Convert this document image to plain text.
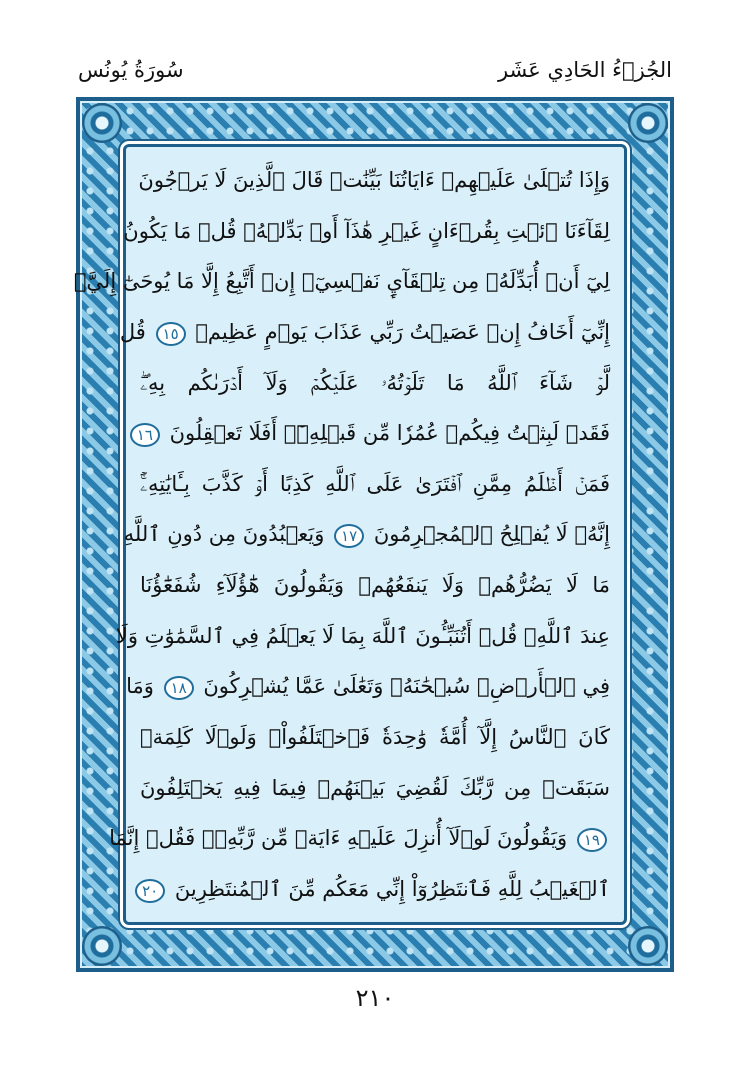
الجُزۡءُ الحَادِي عَشَر
سُورَةُ يُونُس
وَإِذَا تُتۡلَىٰ عَلَيۡهِمۡ ءَايَاتُنَا بَيِّنَٰتٖ قَالَ ٱلَّذِينَ لَا يَرۡجُونَ
لِقَآءَنَا ٱئۡتِ بِقُرۡءَانٍ غَيۡرِ هَٰذَآ أَوۡ بَدِّلۡهُۚ قُلۡ مَا يَكُونُ
لِيٓ أَنۡ أُبَدِّلَهُۥ مِن تِلۡقَآيِٕ نَفۡسِيٓۖ إِنۡ أَتَّبِعُ إِلَّا مَا يُوحَىٰٓ إِلَيَّۖ
إِنِّيٓ أَخَافُ إِنۡ عَصَيۡتُ رَبِّي عَذَابَ يَوۡمٍ عَظِيمٖ ١٥ قُل
لَّوۡ شَآءَ ٱللَّهُ مَا تَلَوۡتُهُۥ عَلَيۡكُمۡ وَلَآ أَدۡرَىٰكُم بِهِۦۖ
فَقَدۡ لَبِثۡتُ فِيكُمۡ عُمُرٗا مِّن قَبۡلِهِۦٓۚ أَفَلَا تَعۡقِلُونَ ١٦
فَمَنۡ أَظۡلَمُ مِمَّنِ ٱفۡتَرَىٰ عَلَى ٱللَّهِ كَذِبًا أَوۡ كَذَّبَ بِـَٔايَٰتِهِۦٓۚ
إِنَّهُۥ لَا يُفۡلِحُ ٱلۡمُجۡرِمُونَ ١٧ وَيَعۡبُدُونَ مِن دُونِ ٱللَّهِ
مَا لَا يَضُرُّهُمۡ وَلَا يَنفَعُهُمۡ وَيَقُولُونَ هَٰٓؤُلَآءِ شُفَعَٰٓؤُنَا
عِندَ ٱللَّهِۚ قُلۡ أَتُنَبِّـُٔونَ ٱللَّهَ بِمَا لَا يَعۡلَمُ فِي ٱلسَّمَٰوَٰتِ وَلَا
فِي ٱلۡأَرۡضِۚ سُبۡحَٰنَهُۥ وَتَعَٰلَىٰ عَمَّا يُشۡرِكُونَ ١٨ وَمَا
كَانَ ٱلنَّاسُ إِلَّآ أُمَّةٗ وَٰحِدَةٗ فَٱخۡتَلَفُواْۚ وَلَوۡلَا كَلِمَةٞ
سَبَقَتۡ مِن رَّبِّكَ لَقُضِيَ بَيۡنَهُمۡ فِيمَا فِيهِ يَخۡتَلِفُونَ
١٩ وَيَقُولُونَ لَوۡلَآ أُنزِلَ عَلَيۡهِ ءَايَةٞ مِّن رَّبِّهِۦۖ فَقُلۡ إِنَّمَا
ٱلۡغَيۡبُ لِلَّهِ فَٱنتَظِرُوٓاْ إِنِّي مَعَكُم مِّنَ ٱلۡمُنتَظِرِينَ ٢٠
٢١٠
